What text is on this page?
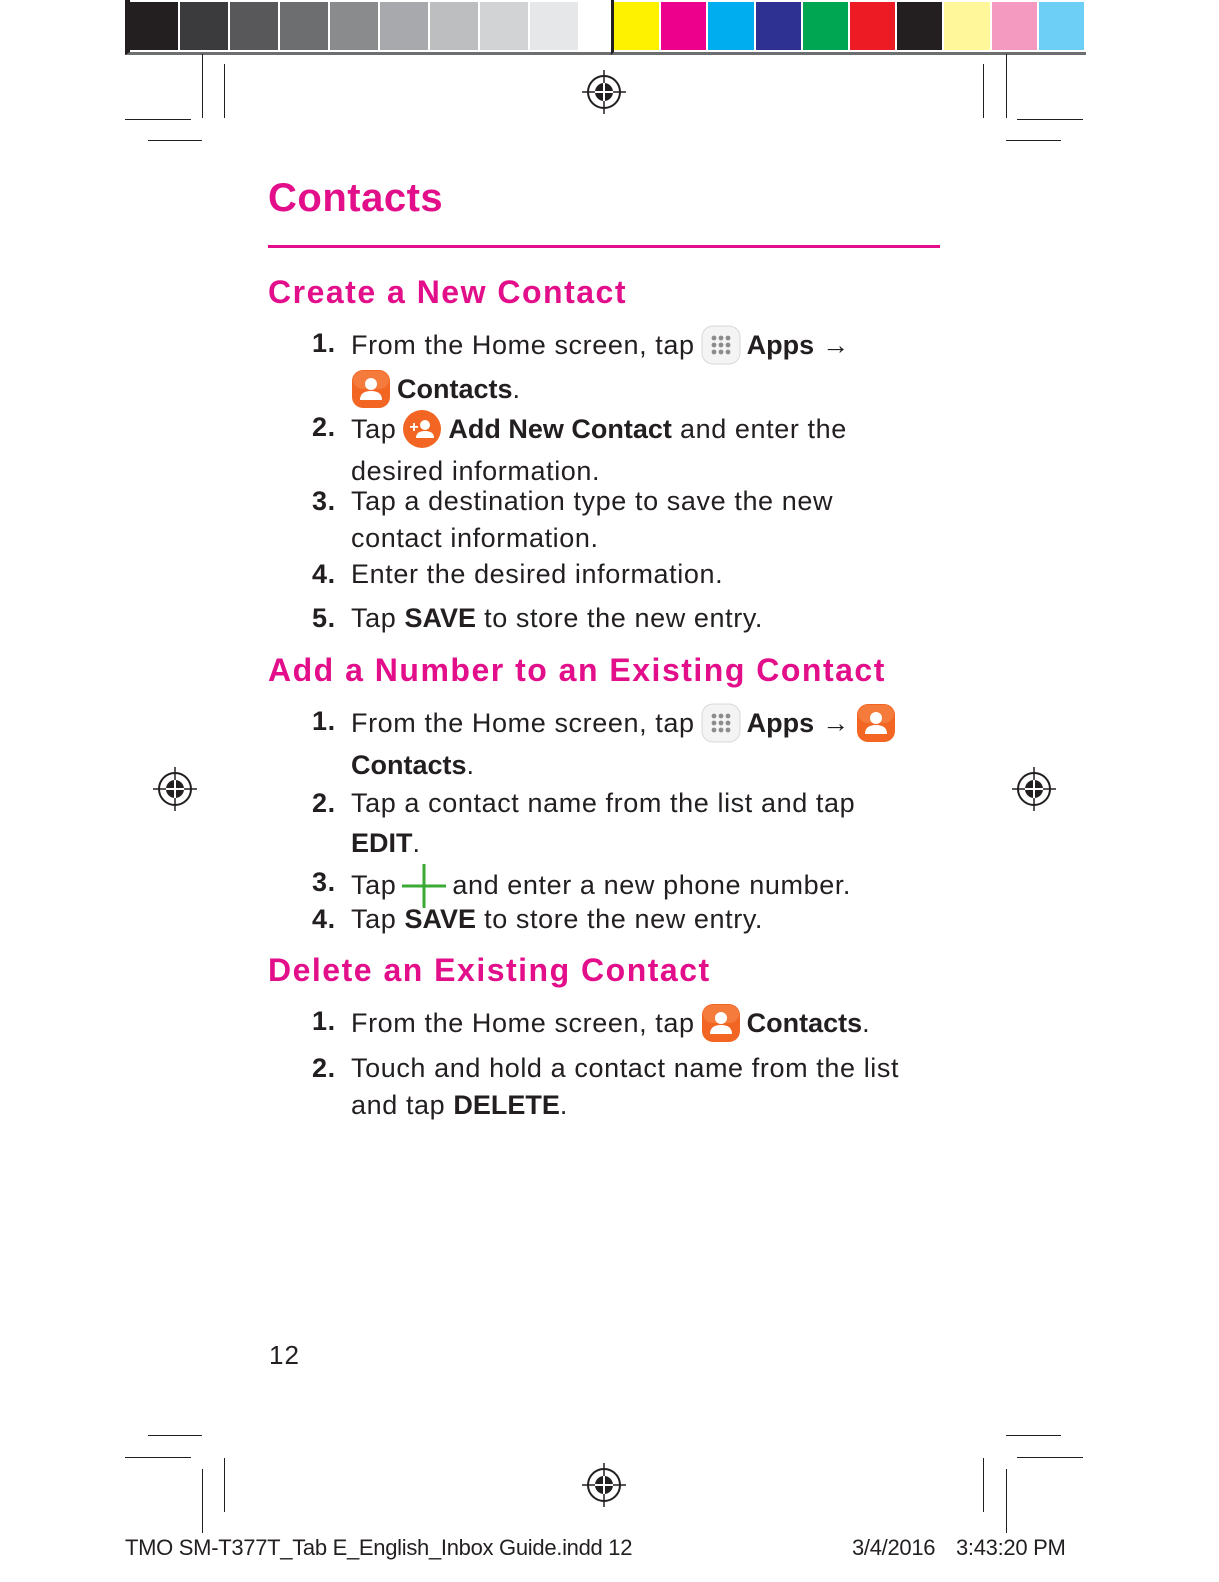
Contacts
Create a New Contact
1. From the Home screen, tap Apps →
Contacts.
2. Tap Add New Contact and enter the
desired information.
3. Tap a destination type to save the new
contact information.
4. Enter the desired information.
5. Tap SAVE to store the new entry.
Add a Number to an Existing Contact
1. From the Home screen, tap Apps →
Contacts.
2. Tap a contact name from the list and tap
EDIT.
3. Tap and enter a new phone number.
4. Tap SAVE to store the new entry.
Delete an Existing Contact
1. From the Home screen, tap Contacts.
2. Touch and hold a contact name from the list
and tap DELETE.
12
TMO SM-T377T_Tab E_English_Inbox Guide.indd 12	3/4/2016 3:43:20 PM
